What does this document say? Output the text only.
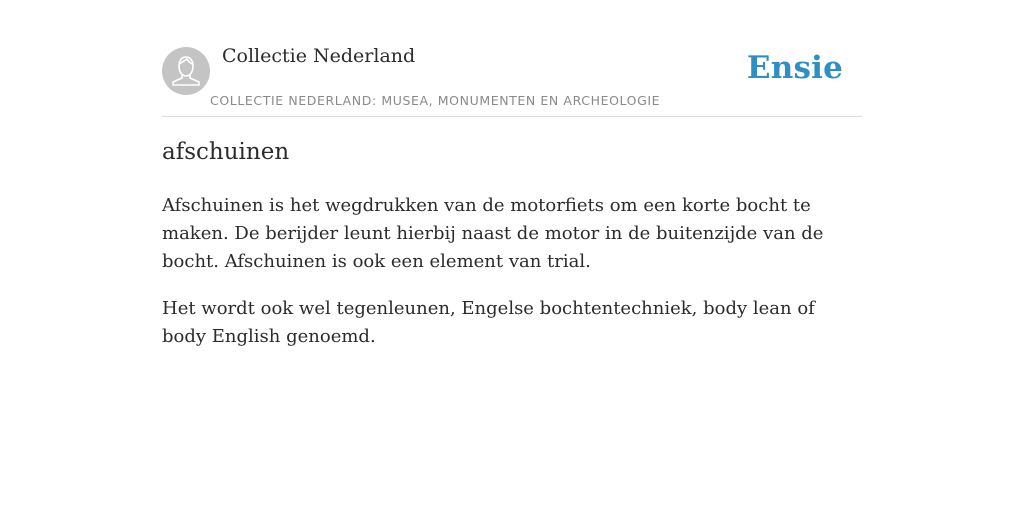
Collectie Nederland
COLLECTIE NEDERLAND: MUSEA, MONUMENTEN EN ARCHEOLOGIE
Ensie
afschuinen

Afschuinen is het wegdrukken van de motorfiets om een korte bocht te maken. De berijder leunt hierbij naast de motor in de buitenzijde van de bocht. Afschuinen is ook een element van trial.

Het wordt ook wel tegenleunen, Engelse bochtentechniek, body lean of body English genoemd.
